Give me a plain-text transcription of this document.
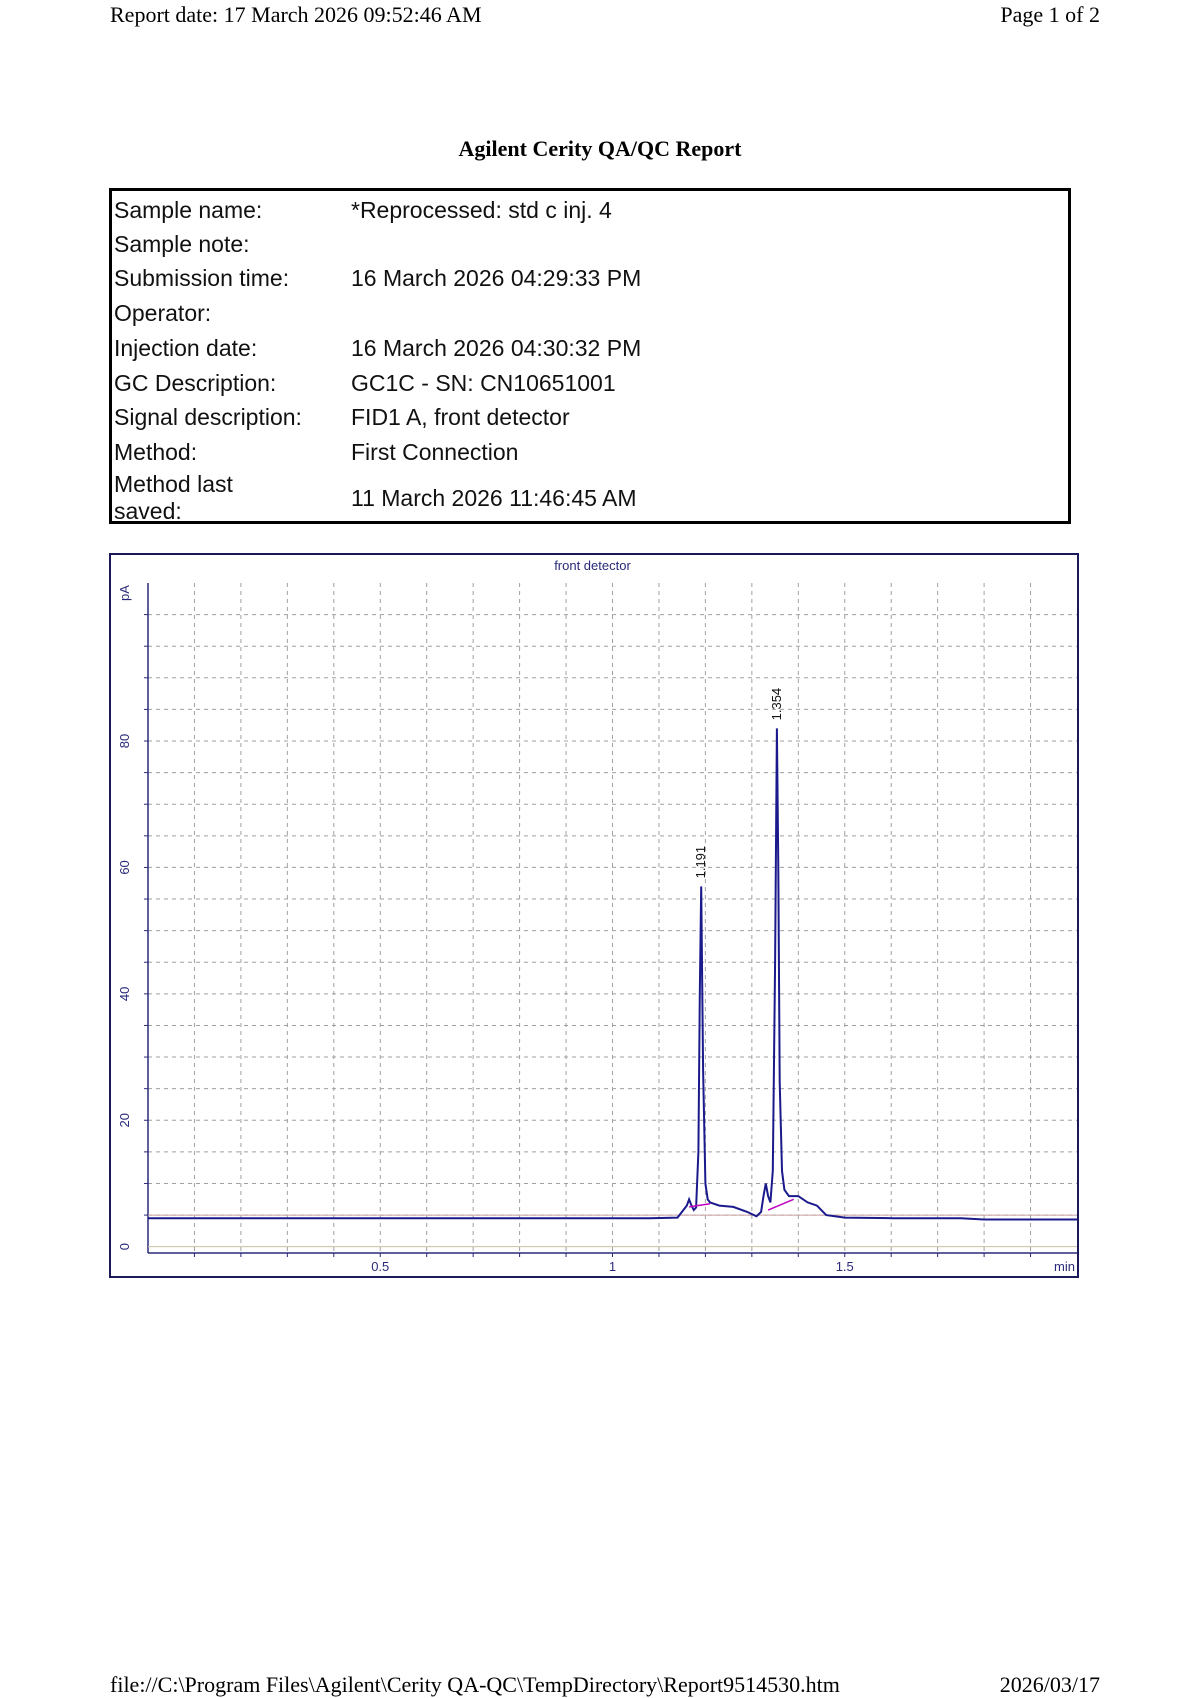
Report date: 17 March 2026 09:52:46 AM	Page 1 of 2
Agilent Cerity QA/QC Report
Sample name:	*Reprocessed: std c inj. 4
Sample note:
Submission time:	16 March 2026 04:29:33 PM
Operator:
Injection date:	16 March 2026 04:30:32 PM
GC Description:	GC1C - SN: CN10651001
Signal description:	FID1 A, front detector
Method:	First Connection
Method last saved:	11 March 2026 11:46:45 AM
0.5	1	1.5
0
20
40
60
80
front detector
pA
min
1.191
1.354
file://C:\Program Files\Agilent\Cerity QA-QC\TempDirectory\Report9514530.htm	2026/03/17
